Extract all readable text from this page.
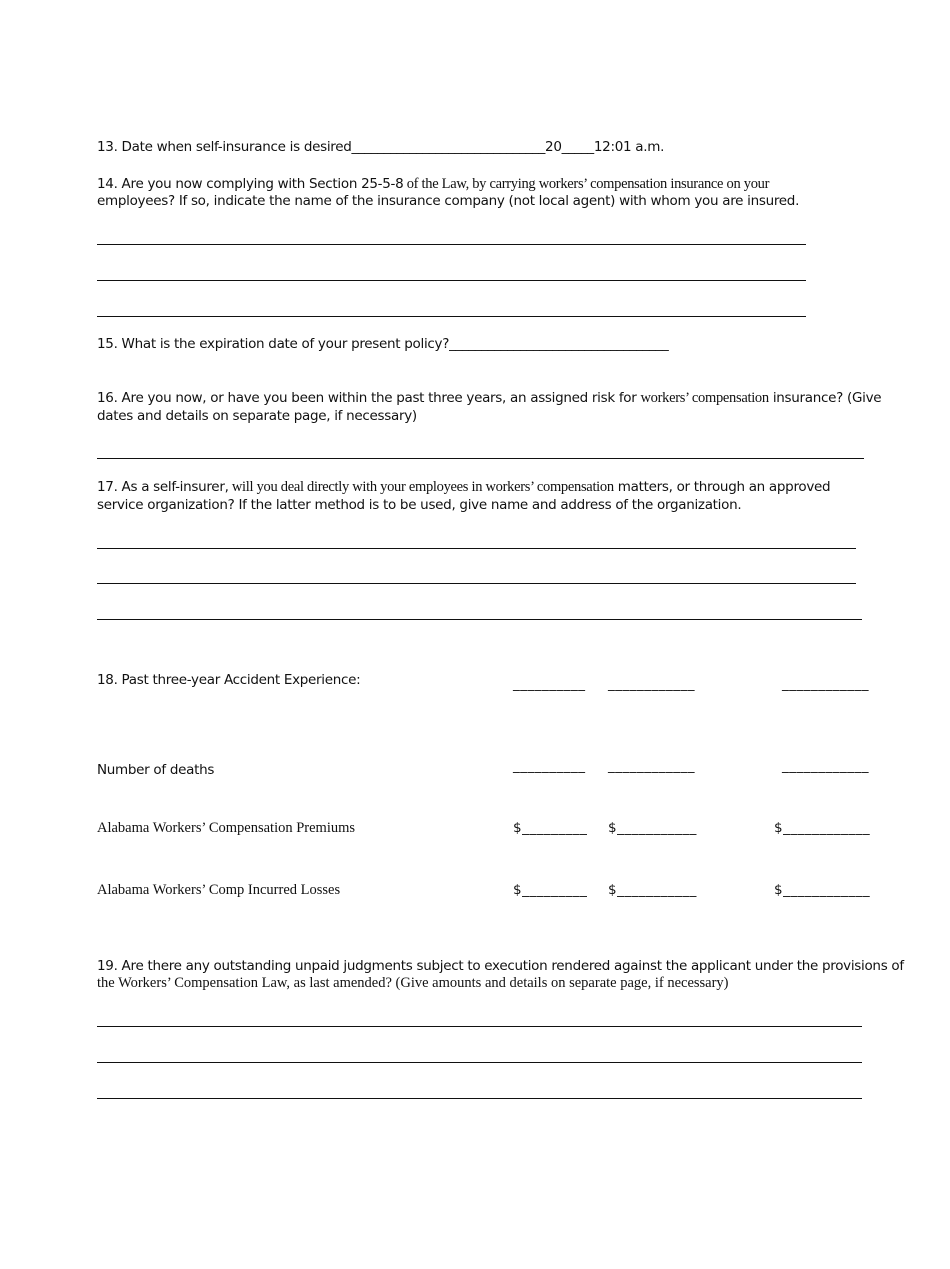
13. Date when self-insurance is desired______________________________20_____12:01 a.m.
14. Are you now complying with Section 25-5-8 of the Law, by carrying workers’ compensation insurance on your
employees? If so, indicate the name of the insurance company (not local agent) with whom you are insured.
15. What is the expiration date of your present policy?__________________________________
16. Are you now, or have you been within the past three years, an assigned risk for workers’ compensation insurance? (Give
dates and details on separate page, if necessary)
17. As a self-insurer, will you deal directly with your employees in workers’ compensation matters, or through an approved
service organization? If the latter method is to be used, give name and address of the organization.
18. Past three-year Accident Experience:	__________ ____________	____________
Number of deaths	__________ ____________	____________
Alabama Workers’ Compensation Premiums	$_________ $___________	$____________
Alabama Workers’ Comp Incurred Losses	$_________ $___________	$____________
19. Are there any outstanding unpaid judgments subject to execution rendered against the applicant under the provisions of
the Workers’ Compensation Law, as last amended? (Give amounts and details on separate page, if necessary)
